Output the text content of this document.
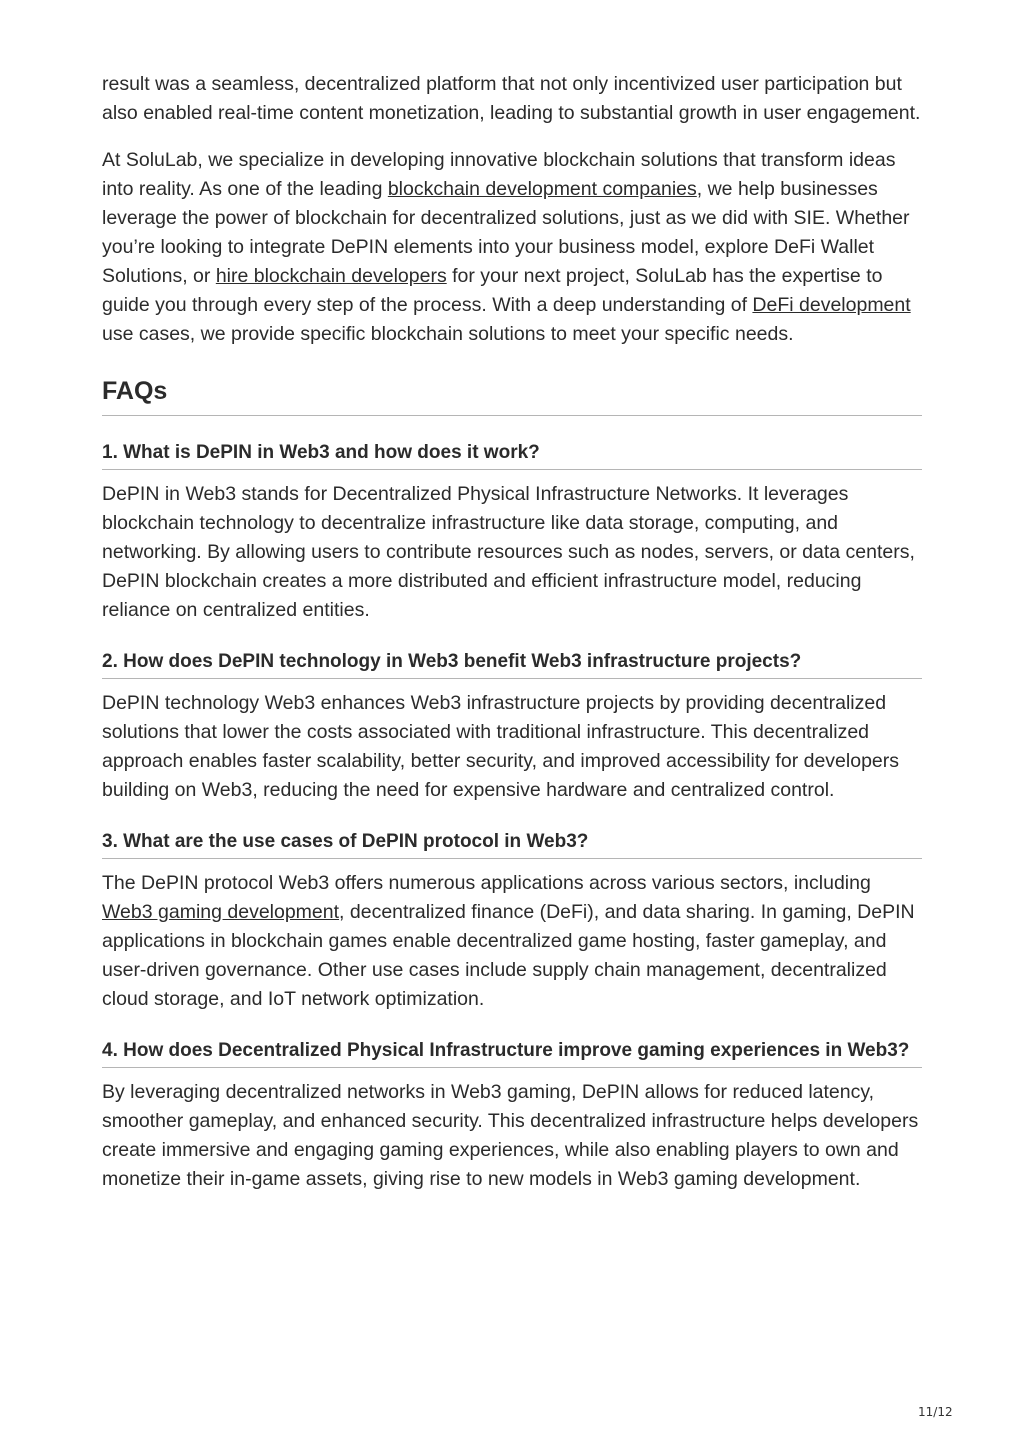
result was a seamless, decentralized platform that not only incentivized user participation but also enabled real-time content monetization, leading to substantial growth in user engagement.

At SoluLab, we specialize in developing innovative blockchain solutions that transform ideas into reality. As one of the leading blockchain development companies, we help businesses leverage the power of blockchain for decentralized solutions, just as we did with SIE. Whether you’re looking to integrate DePIN elements into your business model, explore DeFi Wallet Solutions, or hire blockchain developers for your next project, SoluLab has the expertise to guide you through every step of the process. With a deep understanding of DeFi development use cases, we provide specific blockchain solutions to meet your specific needs.

FAQs
1. What is DePIN in Web3 and how does it work?

DePIN in Web3 stands for Decentralized Physical Infrastructure Networks. It leverages blockchain technology to decentralize infrastructure like data storage, computing, and networking. By allowing users to contribute resources such as nodes, servers, or data centers, DePIN blockchain creates a more distributed and efficient infrastructure model, reducing reliance on centralized entities.

2. How does DePIN technology in Web3 benefit Web3 infrastructure projects?

DePIN technology Web3 enhances Web3 infrastructure projects by providing decentralized solutions that lower the costs associated with traditional infrastructure. This decentralized approach enables faster scalability, better security, and improved accessibility for developers building on Web3, reducing the need for expensive hardware and centralized control.

3. What are the use cases of DePIN protocol in Web3?

The DePIN protocol Web3 offers numerous applications across various sectors, including Web3 gaming development, decentralized finance (DeFi), and data sharing. In gaming, DePIN applications in blockchain games enable decentralized game hosting, faster gameplay, and user-driven governance. Other use cases include supply chain management, decentralized cloud storage, and IoT network optimization.

4. How does Decentralized Physical Infrastructure improve gaming experiences in Web3?

By leveraging decentralized networks in Web3 gaming, DePIN allows for reduced latency, smoother gameplay, and enhanced security. This decentralized infrastructure helps developers create immersive and engaging gaming experiences, while also enabling players to own and monetize their in-game assets, giving rise to new models in Web3 gaming development.

11/12
